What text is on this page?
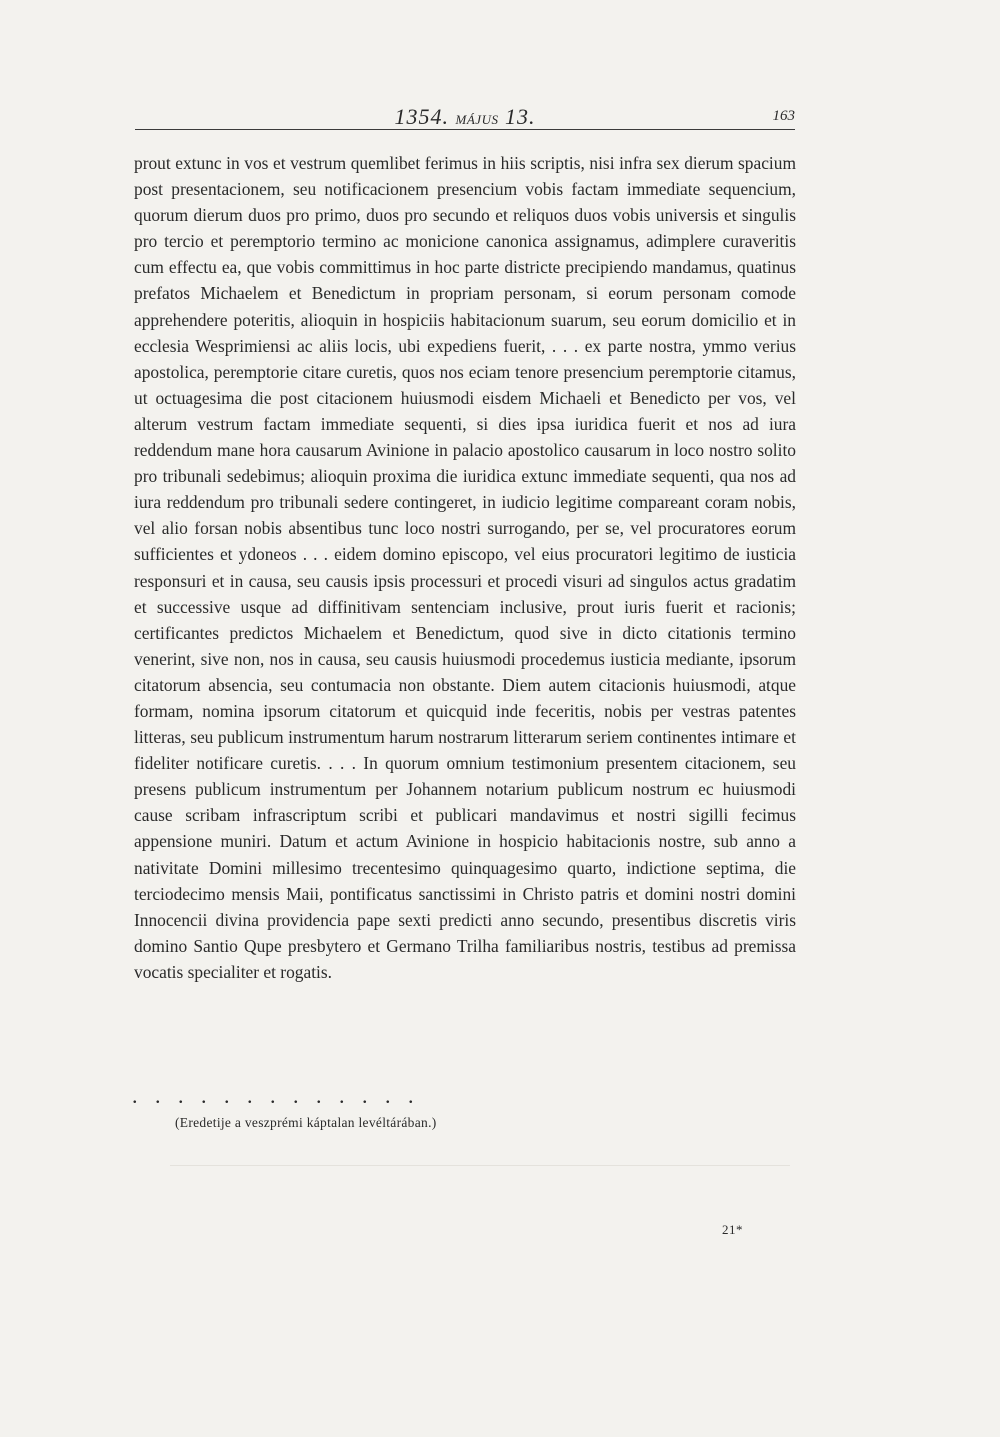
1354. MÁJUS 13.	163

prout extunc in vos et vestrum quemlibet ferimus in hiis scriptis, nisi infra sex dierum spacium post presentacionem, seu notificacionem presencium vobis factam immediate sequencium, quorum dierum duos pro primo, duos pro secundo et reliquos duos vobis universis et singulis pro tercio et peremptorio termino ac monicione canonica assignamus, adimplere curaveritis cum effectu ea, que vobis committimus in hoc parte districte precipiendo mandamus, quatinus prefatos Michaelem et Benedictum in propriam personam, si eorum personam comode apprehendere poteritis, alioquin in hospiciis habitacionum suarum, seu eorum domicilio et in ecclesia Wesprimiensi ac aliis locis, ubi expediens fuerit, . . . ex parte nostra, ymmo verius apostolica, peremptorie citare curetis, quos nos eciam tenore presencium peremptorie citamus, ut octuagesima die post citacionem huiusmodi eisdem Michaeli et Benedicto per vos, vel alterum vestrum factam immediate sequenti, si dies ipsa iuridica fuerit et nos ad iura reddendum mane hora causarum Avinione in palacio apostolico causarum in loco nostro solito pro tribunali sedebimus; alioquin proxima die iuridica extunc immediate sequenti, qua nos ad iura reddendum pro tribunali sedere contingeret, in iudicio legitime compareant coram nobis, vel alio forsan nobis absentibus tunc loco nostri surrogando, per se, vel procuratores eorum sufficientes et ydoneos . . . eidem domino episcopo, vel eius procuratori legitimo de iusticia responsuri et in causa, seu causis ipsis processuri et procedi visuri ad singulos actus gradatim et successive usque ad diffinitivam sentenciam inclusive, prout iuris fuerit et racionis; certificantes predictos Michaelem et Benedictum, quod sive in dicto citationis termino venerint, sive non, nos in causa, seu causis huiusmodi procedemus iusticia mediante, ipsorum citatorum absencia, seu contumacia non obstante. Diem autem citacionis huiusmodi, atque formam, nomina ipsorum citatorum et quicquid inde feceritis, nobis per vestras patentes litteras, seu publicum instrumentum harum nostrarum litterarum seriem continentes intimare et fideliter notificare curetis. . . . In quorum omnium testimonium presentem citacionem, seu presens publicum instrumentum per Johannem notarium publicum nostrum ec huiusmodi cause scribam infrascriptum scribi et publicari mandavimus et nostri sigilli fecimus appensione muniri. Datum et actum Avinione in hospicio habitacionis nostre, sub anno a nativitate Domini millesimo trecentesimo quinquagesimo quarto, indictione septima, die terciodecimo mensis Maii, pontificatus sanctissimi in Christo patris et domini nostri domini Innocencii divina providencia pape sexti predicti anno secundo, presentibus discretis viris domino Santio Qupe presbytero et Germano Trilha familiaribus nostris, testibus ad premissa vocatis specialiter et rogatis.

. . . . . . . . . . . . .
(Eredetije a veszprémi káptalan levéltárában.)
21*
